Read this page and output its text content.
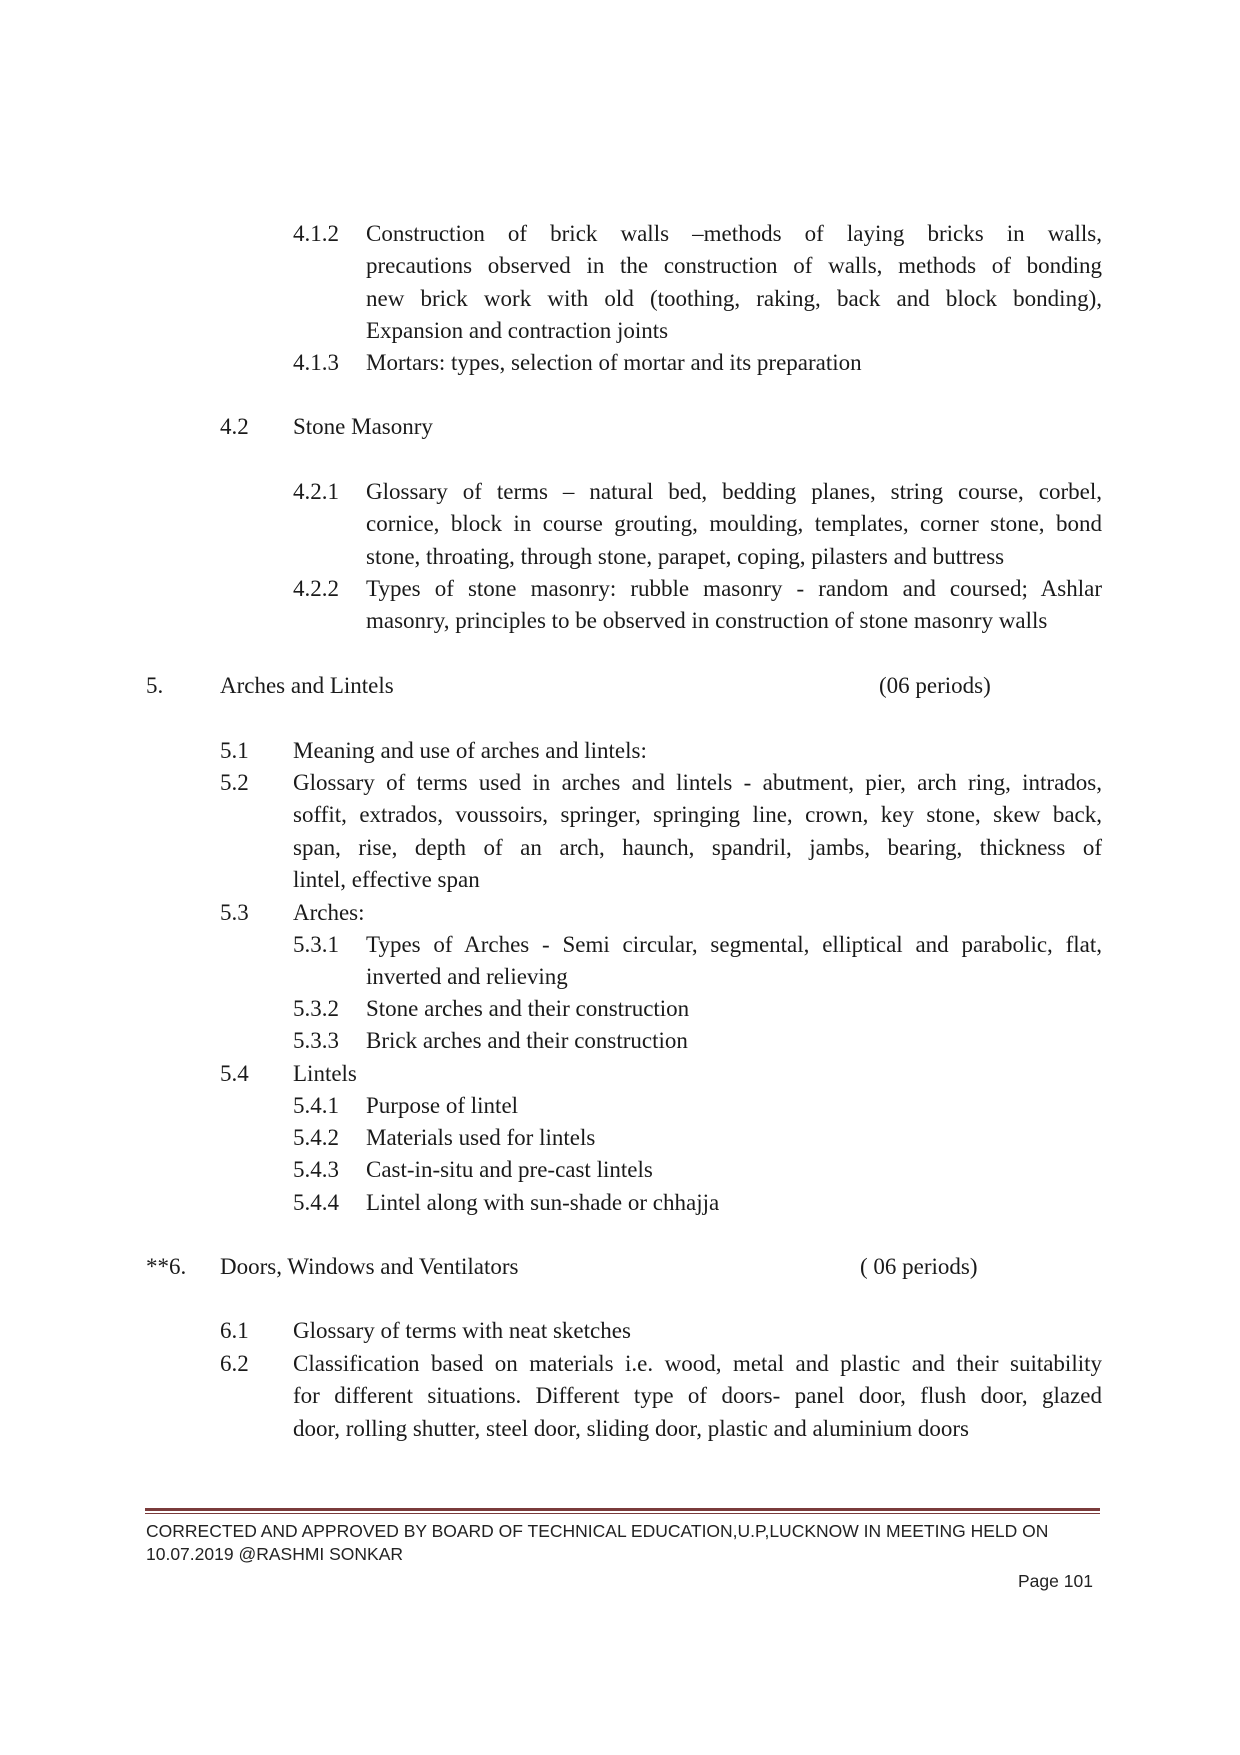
4.1.2 Construction of brick walls –methods of laying bricks in walls,
precautions observed in the construction of walls, methods of bonding
new brick work with old (toothing, raking, back and block bonding),
Expansion and contraction joints
4.1.3 Mortars: types, selection of mortar and its preparation
4.2 Stone Masonry
4.2.1 Glossary of terms – natural bed, bedding planes, string course, corbel,
cornice, block in course grouting, moulding, templates, corner stone, bond
stone, throating, through stone, parapet, coping, pilasters and buttress
4.2.2 Types of stone masonry: rubble masonry - random and coursed; Ashlar
masonry, principles to be observed in construction of stone masonry walls
5. Arches and Lintels	(06 periods)
5.1 Meaning and use of arches and lintels:
5.2 Glossary of terms used in arches and lintels - abutment, pier, arch ring, intrados,
soffit, extrados, voussoirs, springer, springing line, crown, key stone, skew back,
span, rise, depth of an arch, haunch, spandril, jambs, bearing, thickness of
lintel, effective span
5.3 Arches:
5.3.1 Types of Arches - Semi circular, segmental, elliptical and parabolic, flat,
inverted and relieving
5.3.2 Stone arches and their construction
5.3.3 Brick arches and their construction
5.4 Lintels
5.4.1 Purpose of lintel
5.4.2 Materials used for lintels
5.4.3 Cast-in-situ and pre-cast lintels
5.4.4 Lintel along with sun-shade or chhajja
**6. Doors, Windows and Ventilators	( 06 periods)
6.1 Glossary of terms with neat sketches
6.2 Classification based on materials i.e. wood, metal and plastic and their suitability
for different situations. Different type of doors- panel door, flush door, glazed
door, rolling shutter, steel door, sliding door, plastic and aluminium doors
CORRECTED AND APPROVED BY BOARD OF TECHNICAL EDUCATION,U.P,LUCKNOW IN MEETING HELD ON
10.07.2019 @RASHMI SONKAR
Page 101
